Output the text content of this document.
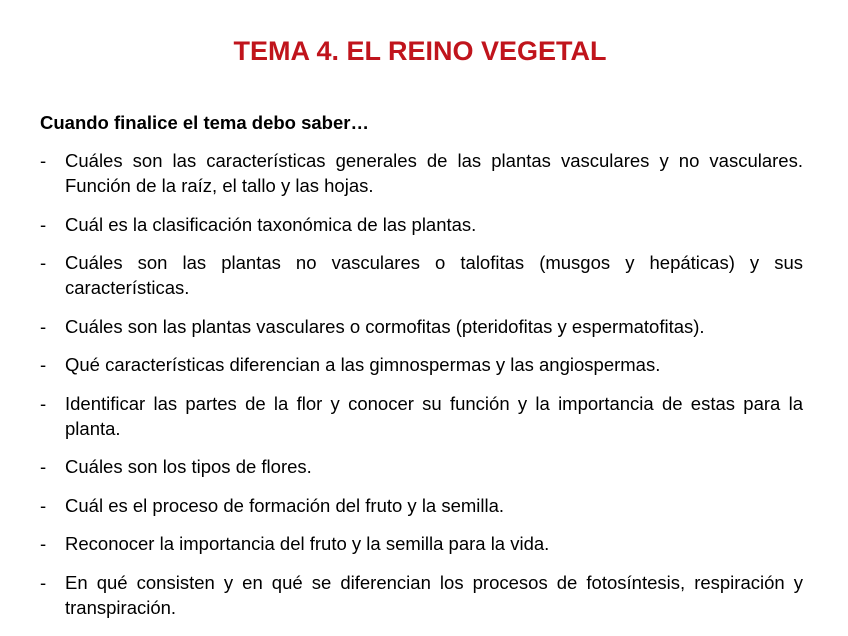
TEMA 4. EL REINO VEGETAL

Cuando finalice el tema debo saber…

- Cuáles son las características generales de las plantas vasculares y no vasculares. Función de la raíz, el tallo y las hojas.
- Cuál es la clasificación taxonómica de las plantas.
- Cuáles son las plantas no vasculares o talofitas (musgos y hepáticas) y sus características.
- Cuáles son las plantas vasculares o cormofitas (pteridofitas y espermatofitas).
- Qué características diferencian a las gimnospermas y las angiospermas.
- Identificar las partes de la flor y conocer su función y la importancia de estas para la planta.
- Cuáles son los tipos de flores.
- Cuál es el proceso de formación del fruto y la semilla.
- Reconocer la importancia del fruto y la semilla para la vida.
- En qué consisten y en qué se diferencian los procesos de fotosíntesis, respiración y transpiración.
